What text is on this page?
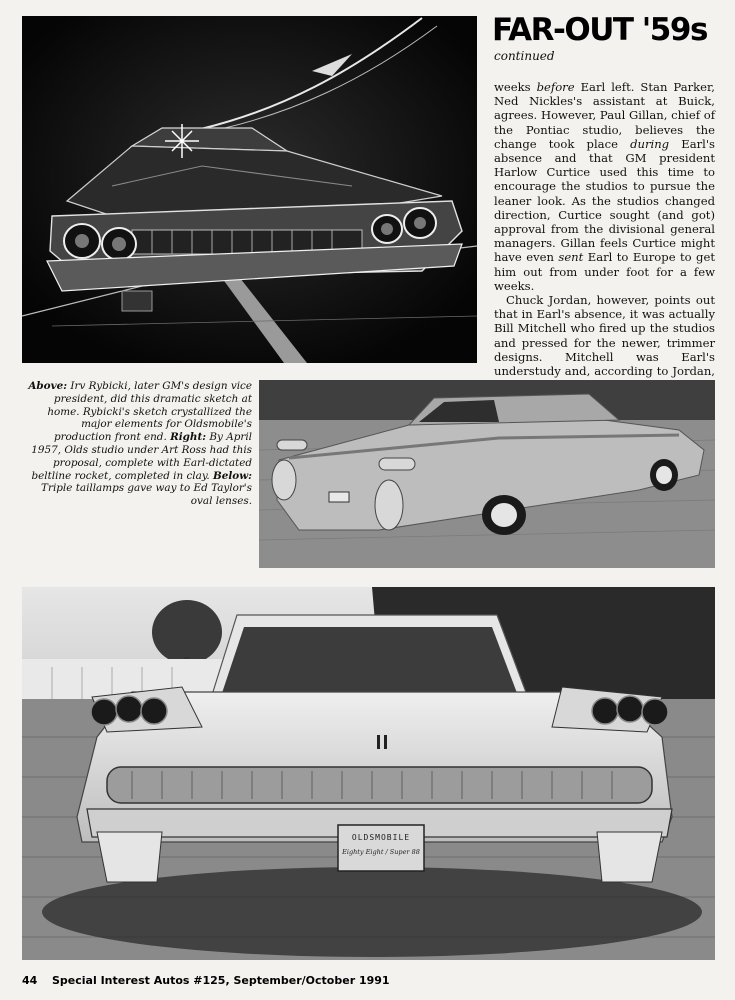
FAR-OUT '59s
continued

weeks before Earl left. Stan Parker, Ned Nickles's assistant at Buick, agrees. However, Paul Gillan, chief of the Pontiac studio, believes the change took place during Earl's absence and that GM president Harlow Curtice used this time to encourage the studios to pursue the leaner look. As the studios changed direction, Curtice sought (and got) approval from the divisional general managers. Gillan feels Curtice might have even sent Earl to Europe to get him out from under foot for a few weeks.

Chuck Jordan, however, points out that in Earl's absence, it was actually Bill Mitchell who fired up the studios and pressed for the newer, trimmer designs. Mitchell was Earl's understudy and, according to Jordan,

Above: Irv Rybicki, later GM's design vice president, did this dramatic sketch at home. Rybicki's sketch crystallized the major elements for Oldsmobile's production front end. Right: By April 1957, Olds studio under Art Ross had this proposal, complete with Earl-dictated beltline rocket, completed in clay. Below: Triple taillamps gave way to Ed Taylor's oval lenses.

OLDSMOBILE
Eighty Eight / Super 88
44 Special Interest Autos #125, September/October 1991
